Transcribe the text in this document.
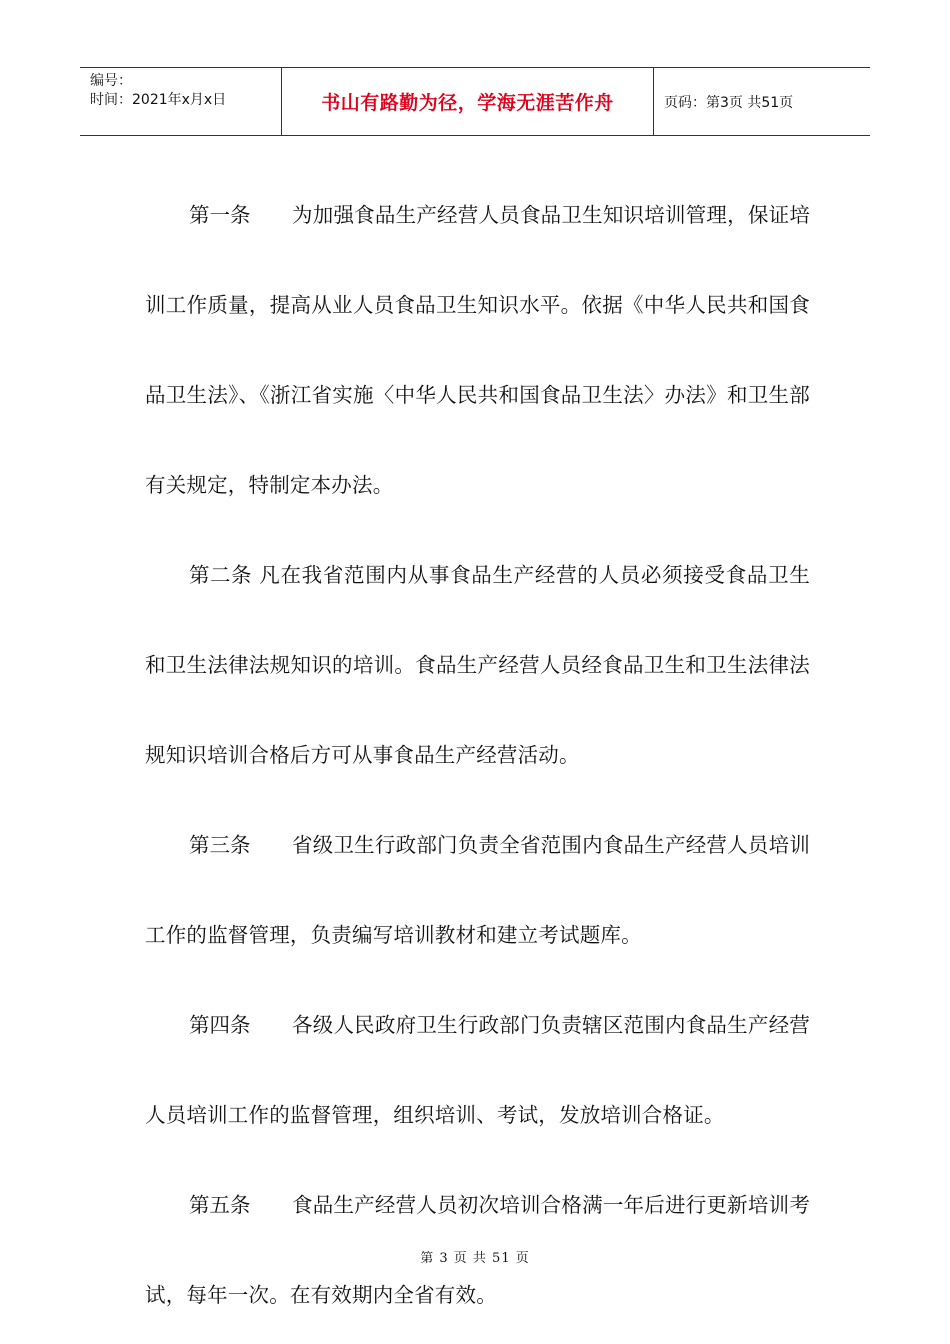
编号：
时间：2021年x月x日	书山有路勤为径，学海无涯苦作舟	页码：第3页 共51页

第一条   为加强食品生产经营人员食品卫生知识培训管理，保证培训工作质量，提高从业人员食品卫生知识水平。依据《中华人民共和国食品卫生法》、《浙江省实施〈中华人民共和国食品卫生法〉办法》和卫生部有关规定，特制定本办法。

第二条 凡在我省范围内从事食品生产经营的人员必须接受食品卫生和卫生法律法规知识的培训。食品生产经营人员经食品卫生和卫生法律法规知识培训合格后方可从事食品生产经营活动。

第三条   省级卫生行政部门负责全省范围内食品生产经营人员培训工作的监督管理，负责编写培训教材和建立考试题库。

第四条   各级人民政府卫生行政部门负责辖区范围内食品生产经营人员培训工作的监督管理，组织培训、考试，发放培训合格证。

第五条   食品生产经营人员初次培训合格满一年后进行更新培训考试，每年一次。在有效期内全省有效。

第 3 页 共 51 页
